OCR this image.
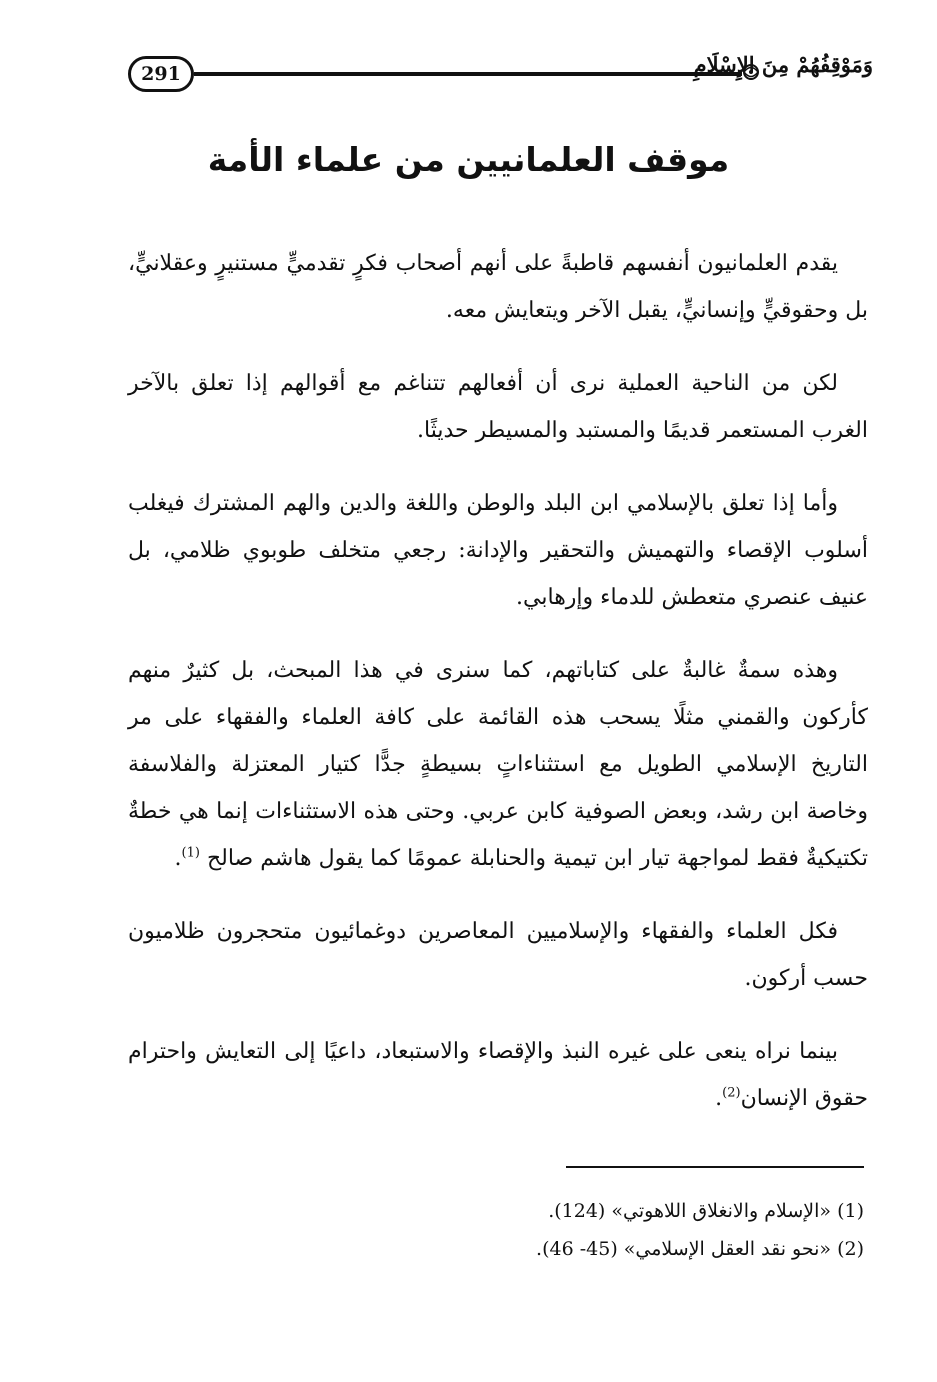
291	وَمَوْقِفُهُمْ مِنَ الإِسْلَامِ
موقف العلمانيين من علماء الأمة

يقدم العلمانيون أنفسهم قاطبةً على أنهم أصحاب فكرٍ تقدميٍّ مستنيرٍ وعقلانيٍّ، بل وحقوقيٍّ وإنسانيٍّ، يقبل الآخر ويتعايش معه.

لكن من الناحية العملية نرى أن أفعالهم تتناغم مع أقوالهم إذا تعلق بالآخر الغرب المستعمر قديمًا والمستبد والمسيطر حديثًا.

وأما إذا تعلق بالإسلامي ابن البلد والوطن واللغة والدين والهم المشترك فيغلب أسلوب الإقصاء والتهميش والتحقير والإدانة: رجعي متخلف طوبوي ظلامي، بل عنيف عنصري متعطش للدماء وإرهابي.

وهذه سمةٌ غالبةٌ على كتاباتهم، كما سنرى في هذا المبحث، بل كثيرٌ منهم كأركون والقمني مثلًا يسحب هذه القائمة على كافة العلماء والفقهاء على مر التاريخ الإسلامي الطويل مع استثناءاتٍ بسيطةٍ جدًّا كتيار المعتزلة والفلاسفة وخاصة ابن رشد، وبعض الصوفية كابن عربي. وحتى هذه الاستثناءات إنما هي خطةٌ تكتيكيةٌ فقط لمواجهة تيار ابن تيمية والحنابلة عمومًا كما يقول هاشم صالح $^{(1)}$.

فكل العلماء والفقهاء والإسلاميين المعاصرين دوغمائيون متحجرون ظلاميون حسب أركون.

بينما نراه ينعى على غيره النبذ والإقصاء والاستبعاد، داعيًا إلى التعايش واحترام حقوق الإنسان$^{(2)}$.

(1) «الإسلام والانغلاق اللاهوتي» (124).
(2) «نحو نقد العقل الإسلامي» (45- 46).
